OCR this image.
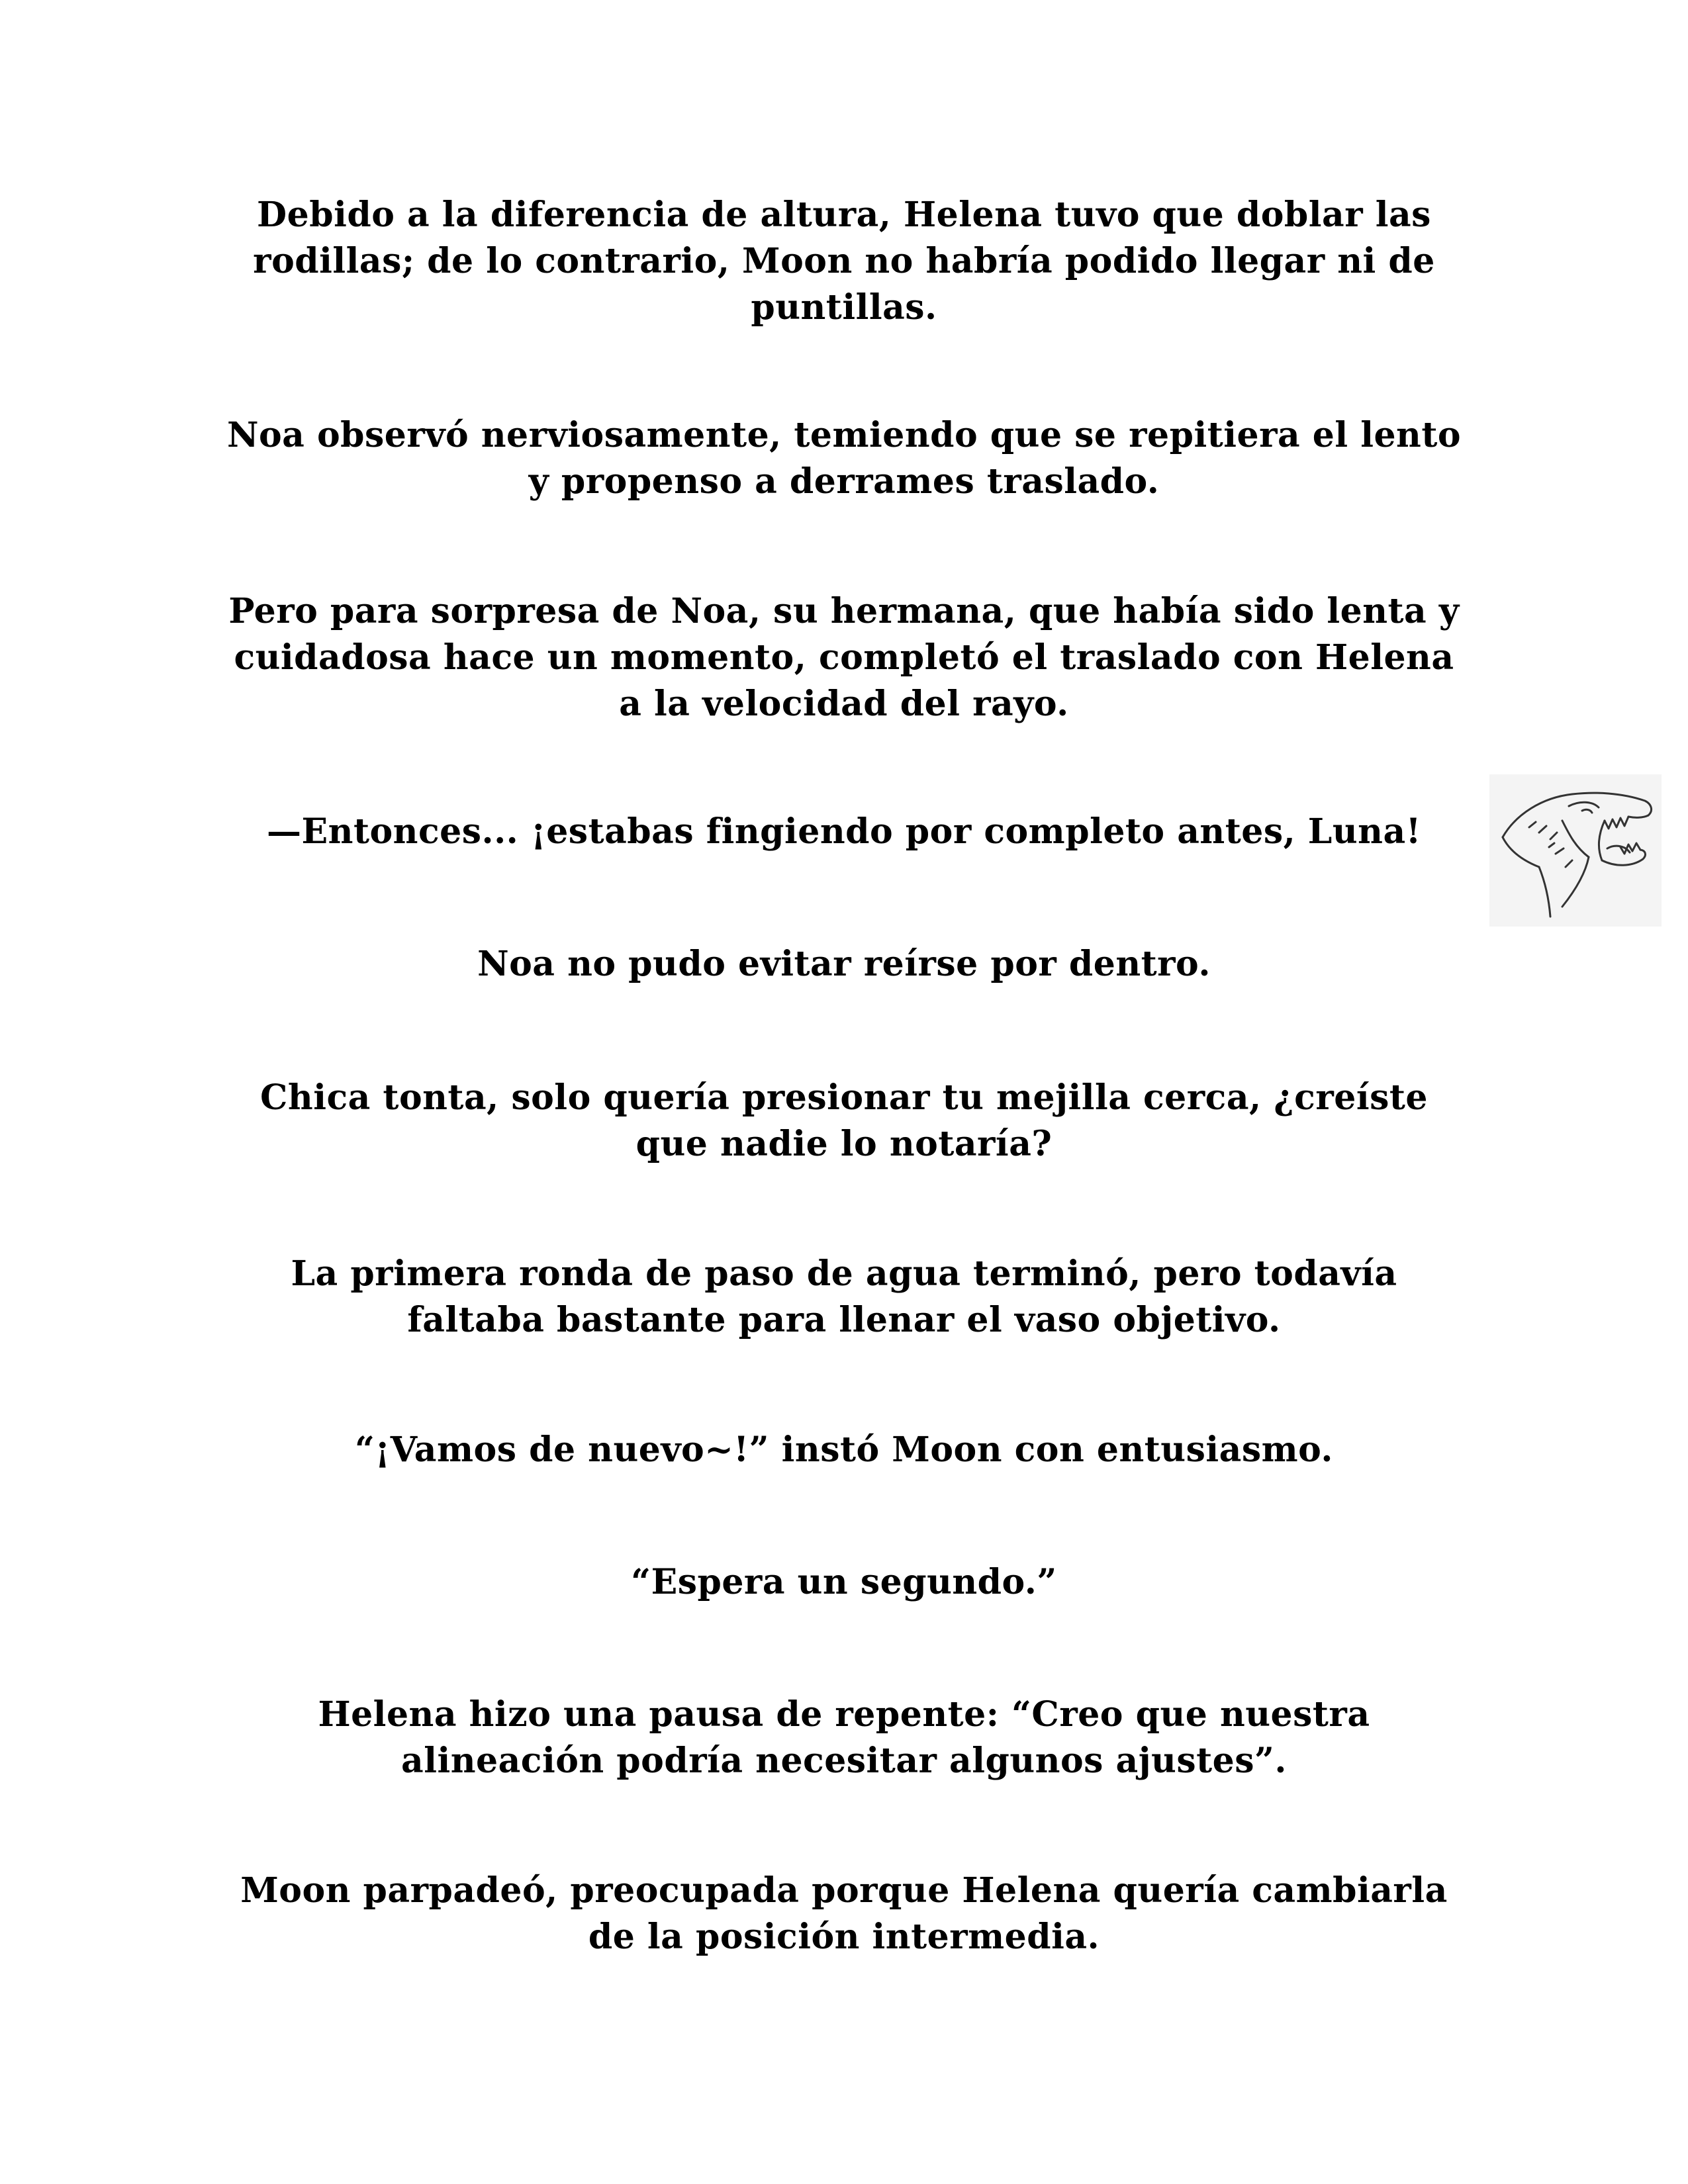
Debido a la diferencia de altura, Helena tuvo que doblar las
rodillas; de lo contrario, Moon no habría podido llegar ni de
puntillas.

Noa observó nerviosamente, temiendo que se repitiera el lento
y propenso a derrames traslado.

Pero para sorpresa de Noa, su hermana, que había sido lenta y
cuidadosa hace un momento, completó el traslado con Helena
a la velocidad del rayo.

—Entonces... ¡estabas fingiendo por completo antes, Luna!

Noa no pudo evitar reírse por dentro.

Chica tonta, solo quería presionar tu mejilla cerca, ¿creíste
que nadie lo notaría?

La primera ronda de paso de agua terminó, pero todavía
faltaba bastante para llenar el vaso objetivo.

“¡Vamos de nuevo~!” instó Moon con entusiasmo.

“Espera un segundo.”

Helena hizo una pausa de repente: “Creo que nuestra
alineación podría necesitar algunos ajustes”.

Moon parpadeó, preocupada porque Helena quería cambiarla
de la posición intermedia.
